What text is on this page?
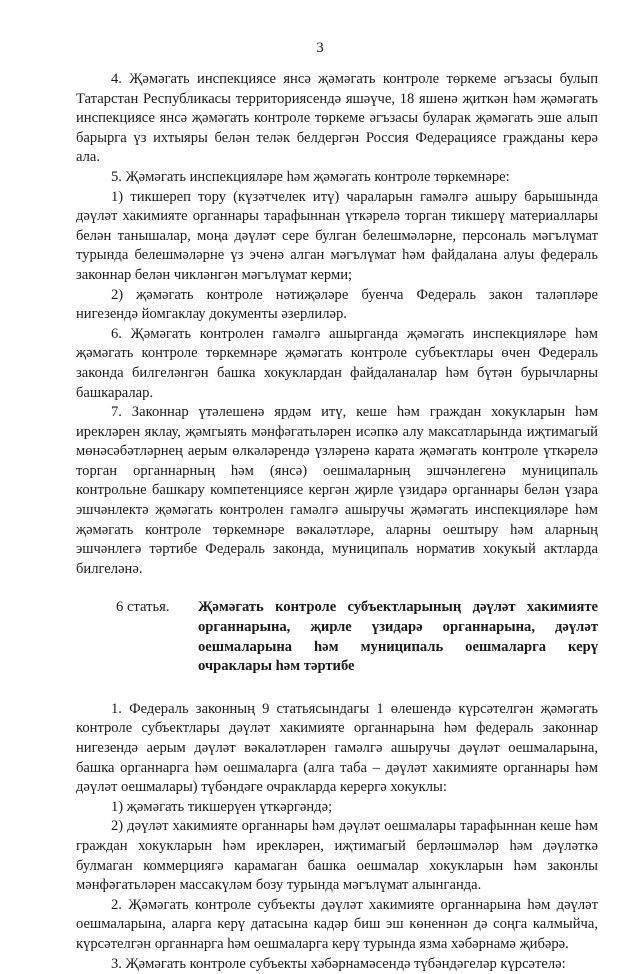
3

4. Җәмәгать инспекциясе янсә җәмәгать контроле төркеме әгъзасы булып Татарстан Республикасы территориясендә яшәүче, 18 яшенә җиткән һәм җәмәгать инспекциясе янсә җәмәгать контроле төркеме әгъзасы буларак җәмәгать эше алып барырга үз ихтыяры белән теләк белдергән Россия Федерациясе гражданы керә ала.

5. Җәмәгать инспекцияләре һәм җәмәгать контроле төркемнәре:

1) тикшереп тору (күзәтчелек итү) чараларын гамәлгә ашыру барышында дәүләт хакимияте органнары тарафыннан үткәрелә торган тикшерү материаллары белән танышалар, моңа дәүләт сере булган белешмәләрне, персональ мәгълүмат турында белешмәләрне үз эченә алган мәгълүмат һәм файдалана алуы федераль законнар белән чикләнгән мәгълүмат керми;

2) җәмәгать контроле нәтиҗәләре буенча Федераль закон таләпләре нигезендә йомгаклау документы әзерлиләр.

6. Җәмәгать контролен гамәлгә ашырганда җәмәгать инспекцияләре һәм җәмәгать контроле төркемнәре җәмәгать контроле субъектлары өчен Федераль законда билгеләнгән башка хокуклардан файдаланалар һәм бүтән бурычларны башкаралар.

7. Законнар үтәлешенә ярдәм итү, кеше һәм граждан хокукларын һәм ирекләрен яклау, җәмгыять мәнфәгатьләрен исәпкә алу максатларында иҗтимагый мөнәсәбәтләрнең аерым өлкәләрендә үзләренә карата җәмәгать контроле үткәрелә торган органнарның һәм (янсә) оешмаларның эшчәнлегенә муниципаль контрольне башкару компетенциясе кергән җирле үзидарә органнары белән үзара эшчәнлектә җәмәгать контролен гамәлгә ашыручы җәмәгать инспекцияләре һәм җәмәгать контроле төркемнәре вәкаләтләре, аларны оештыру һәм аларның эшчәнлегә тәртибе Федераль законда, муниципаль норматив хокукый актларда билгеләнә.

6 статья.	Җәмәгать контроле субъектларының дәүләт хакимияте органнарына, җирле үзидарә органнарына, дәүләт оешмаларына һәм муниципаль оешмаларга керү очраклары һәм тәртибе

1. Федераль законның 9 статьясындагы 1 өлешендә күрсәтелгән җәмәгать контроле субъектлары дәүләт хакимияте органнарына һәм федераль законнар нигезендә аерым дәүләт вәкаләтләрен гамәлгә ашыручы дәүләт оешмаларына, башка органнарга һәм оешмаларга (алга таба – дәүләт хакимияте органнары һәм дәүләт оешмалары) түбәндәге очракларда керергә хокуклы:

1) җәмәгать тикшерүен үткәргәндә;

2) дәүләт хакимияте органнары һәм дәүләт оешмалары тарафыннан кеше һәм граждан хокукларын һәм ирекләрен, иҗтимагый берләшмәләр һәм дәүләткә булмаган коммерциягә карамаган башка оешмалар хокукларын һәм законлы мәнфәгатьләрен массакүләм бозу турында мәгълүмат алынганда.

2. Җәмәгать контроле субъекты дәүләт хакимияте органнарына һәм дәүләт оешмаларына, аларга керү датасына кадәр биш эш көненнән дә соңга калмыйча, күрсәтелгән органнарга һәм оешмаларга керү турында язма хәбәрнамә җибәрә.

3. Җәмәгать контроле субъекты хәбәрнамәсендә түбәндәгеләр күрсәтелә:
